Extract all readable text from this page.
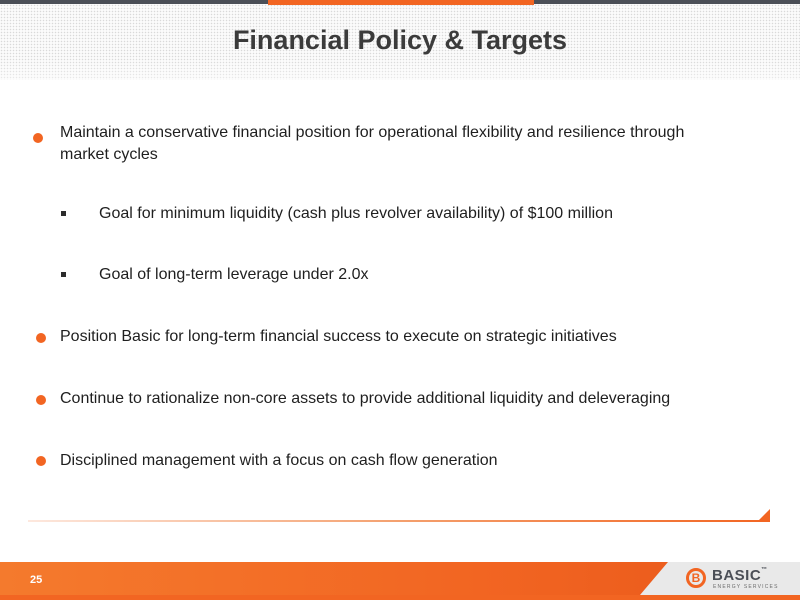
Financial Policy & Targets
Maintain a conservative financial position for operational flexibility and resilience through
market cycles
Goal for minimum liquidity (cash plus revolver availability) of $100 million
Goal of long-term leverage under 2.0x
Position Basic for long-term financial success to execute on strategic initiatives
Continue to rationalize non-core assets to provide additional liquidity and deleveraging
Disciplined management with a focus on cash flow generation
25	B BASIC™
ENERGY SERVICES
